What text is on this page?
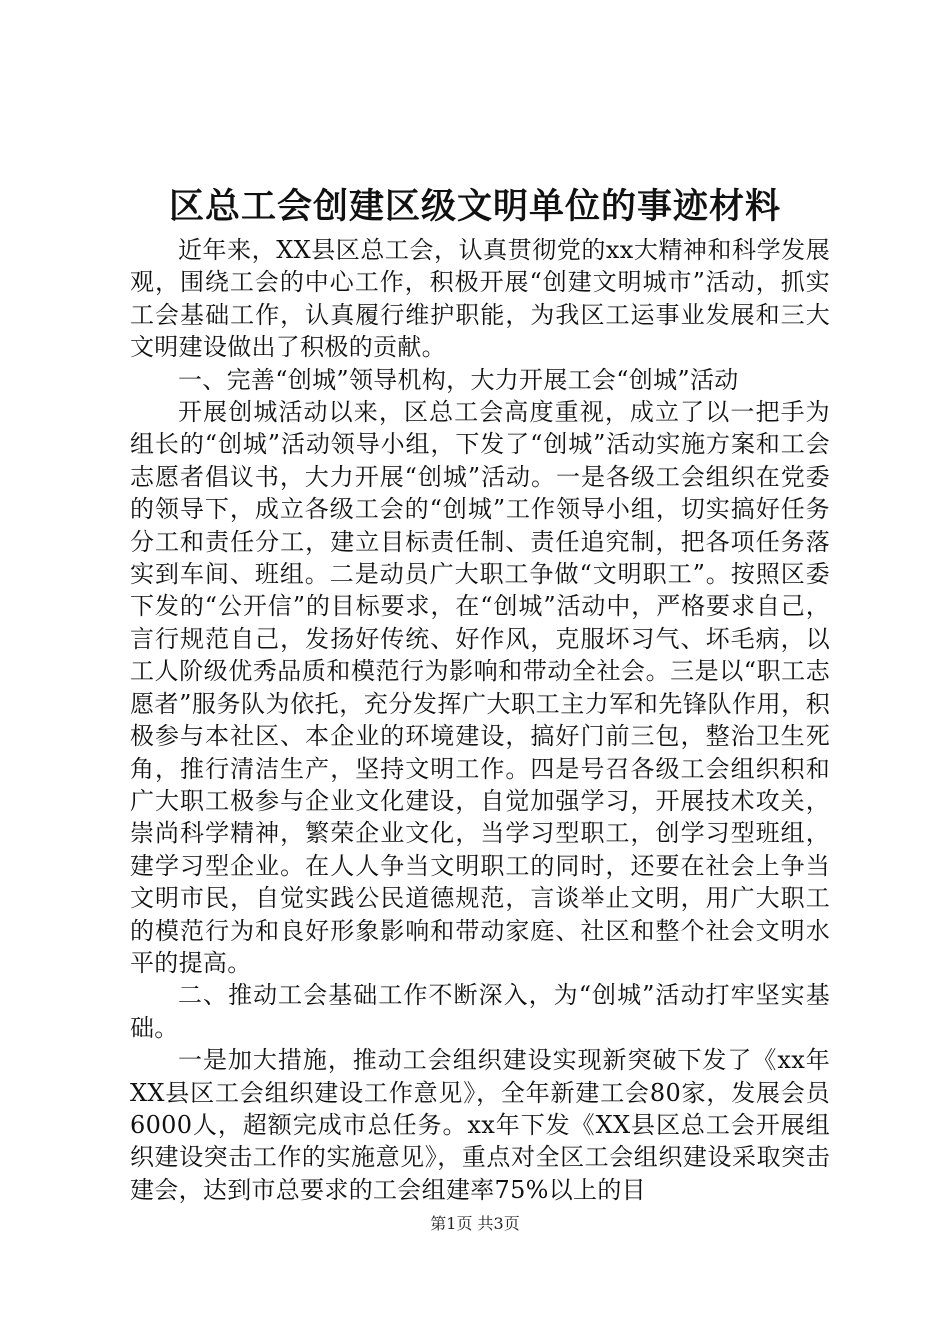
区总工会创建区级文明单位的事迹材料

近年来，XX县区总工会，认真贯彻党的xx大精神和科学发展观，围绕工会的中心工作，积极开展“创建文明城市”活动，抓实工会基础工作，认真履行维护职能，为我区工运事业发展和三大文明建设做出了积极的贡献。

一、完善“创城”领导机构，大力开展工会“创城”活动

开展创城活动以来，区总工会高度重视，成立了以一把手为组长的“创城”活动领导小组，下发了“创城”活动实施方案和工会志愿者倡议书，大力开展“创城”活动。一是各级工会组织在党委的领导下，成立各级工会的“创城”工作领导小组，切实搞好任务分工和责任分工，建立目标责任制、责任追究制，把各项任务落实到车间、班组。二是动员广大职工争做“文明职工”。按照区委下发的“公开信”的目标要求，在“创城”活动中，严格要求自己，言行规范自己，发扬好传统、好作风，克服坏习气、坏毛病，以工人阶级优秀品质和模范行为影响和带动全社会。三是以“职工志愿者”服务队为依托，充分发挥广大职工主力军和先锋队作用，积极参与本社区、本企业的环境建设，搞好门前三包，整治卫生死角，推行清洁生产，坚持文明工作。四是号召各级工会组织积和广大职工极参与企业文化建设，自觉加强学习，开展技术攻关，崇尚科学精神，繁荣企业文化，当学习型职工，创学习型班组，建学习型企业。在人人争当文明职工的同时，还要在社会上争当文明市民，自觉实践公民道德规范，言谈举止文明，用广大职工的模范行为和良好形象影响和带动家庭、社区和整个社会文明水平的提高。

二、推动工会基础工作不断深入，为“创城”活动打牢坚实基础。

一是加大措施，推动工会组织建设实现新突破下发了《xx年XX县区工会组织建设工作意见》，全年新建工会80家，发展会员6000人，超额完成市总任务。xx年下发《XX县区总工会开展组织建设突击工作的实施意见》，重点对全区工会组织建设采取突击建会，达到市总要求的工会组建率75%以上的目

第1页 共3页
